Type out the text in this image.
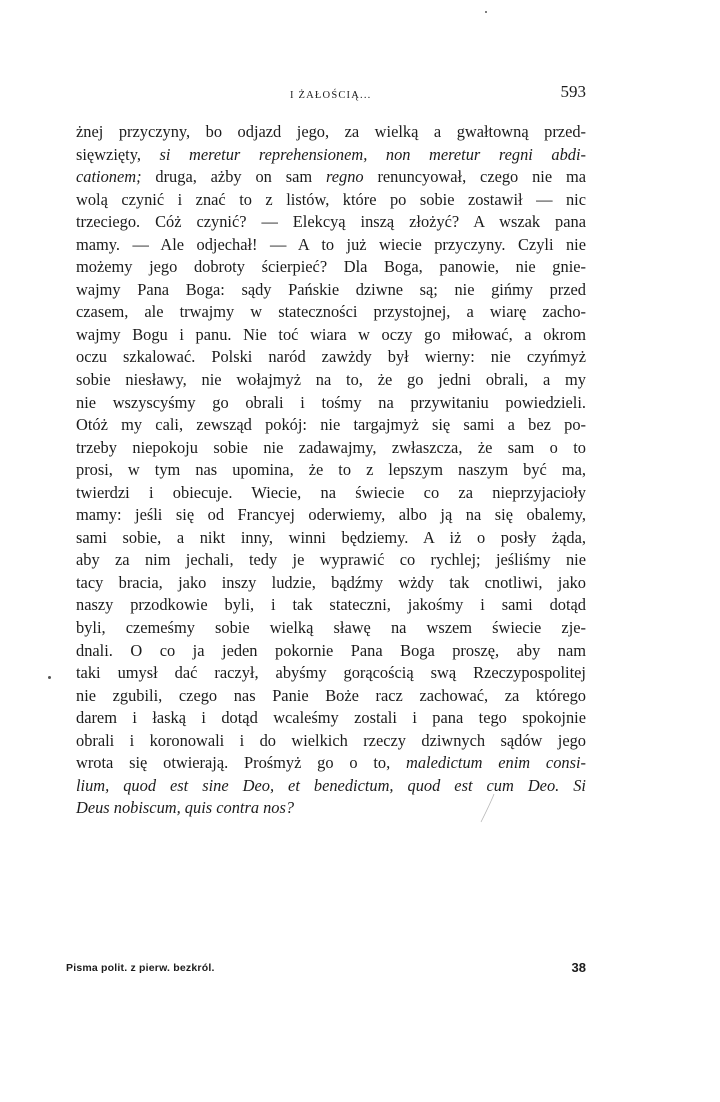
I ŻAŁOŚCIĄ...	593
żnej przyczyny, bo odjazd jego, za wielką a gwałtowną przed-
sięwzięty, si meretur reprehensionem, non meretur regni abdi-
cationem; druga, ażby on sam regno renuncyował, czego nie ma
wolą czynić i znać to z listów, które po sobie zostawił — nic
trzeciego. Cóż czynić? — Elekcyą inszą złożyć? A wszak pana
mamy. — Ale odjechał! — A to już wiecie przyczyny. Czyli nie
możemy jego dobroty ścierpieć? Dla Boga, panowie, nie gnie-
wajmy Pana Boga: sądy Pańskie dziwne są; nie gińmy przed
czasem, ale trwajmy w stateczności przystojnej, a wiarę zacho-
wajmy Bogu i panu. Nie toć wiara w oczy go miłować, a okrom
oczu szkalować. Polski naród zawżdy był wierny: nie czyńmyż
sobie niesławy, nie wołajmyż na to, że go jedni obrali, a my
nie wszyscyśmy go obrali i tośmy na przywitaniu powiedzieli.
Otóż my cali, zewsząd pokój: nie targajmyż się sami a bez po-
trzeby niepokoju sobie nie zadawajmy, zwłaszcza, że sam o to
prosi, w tym nas upomina, że to z lepszym naszym być ma,
twierdzi i obiecuje. Wiecie, na świecie co za nieprzyjacioły
mamy: jeśli się od Francyej oderwiemy, albo ją na się obalemy,
sami sobie, a nikt inny, winni będziemy. A iż o posły żąda,
aby za nim jechali, tedy je wyprawić co rychlej; jeśliśmy nie
tacy bracia, jako inszy ludzie, bądźmy wżdy tak cnotliwi, jako
naszy przodkowie byli, i tak stateczni, jakośmy i sami dotąd
byli, czemeśmy sobie wielką sławę na wszem świecie zje-
dnali. O co ja jeden pokornie Pana Boga proszę, aby nam
taki umysł dać raczył, abyśmy gorącością swą Rzeczypospolitej
nie zgubili, czego nas Panie Boże racz zachować, za którego
darem i łaską i dotąd wcaleśmy zostali i pana tego spokojnie
obrali i koronowali i do wielkich rzeczy dziwnych sądów jego
wrota się otwierają. Prośmyż go o to, maledictum enim consi-
lium, quod est sine Deo, et benedictum, quod est cum Deo. Si
Deus nobiscum, quis contra nos?
Pisma polit. z pierw. bezkról.	38
